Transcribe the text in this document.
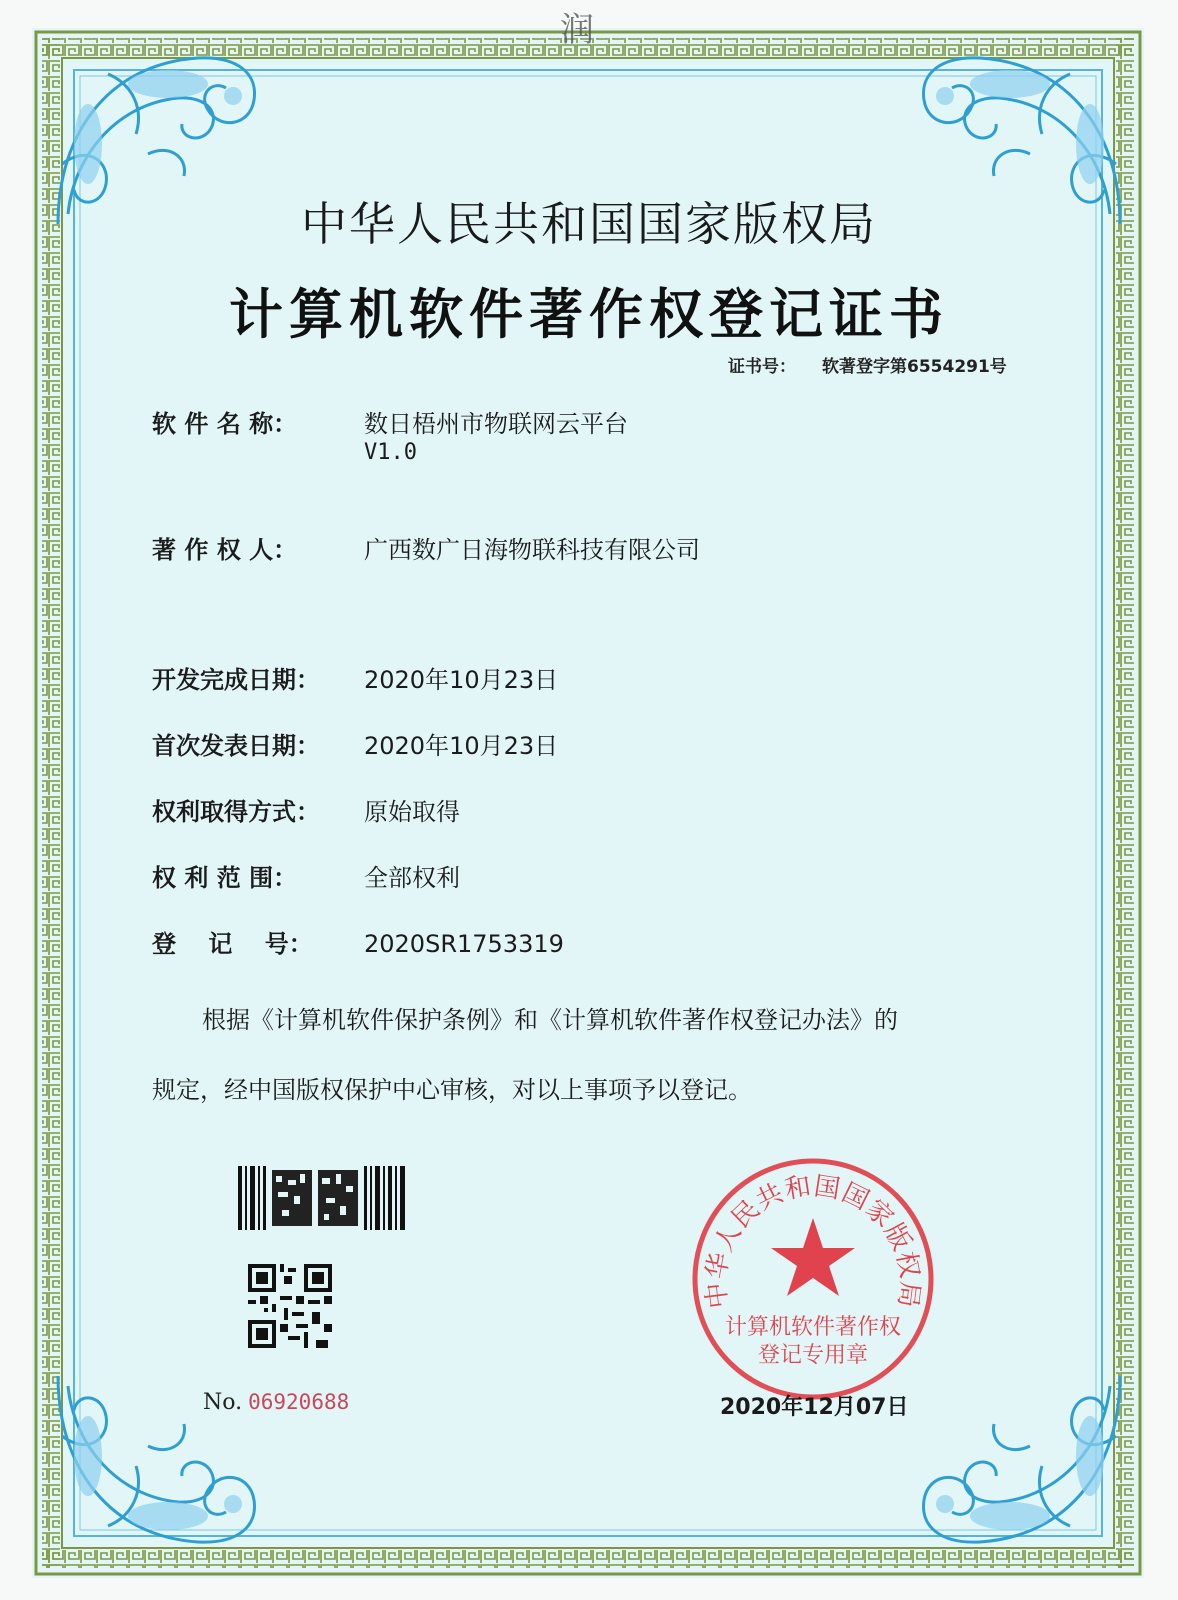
润
中华人民共和国国家版权局
计算机软件著作权登记证书
证书号： 软著登字第6554291号
软 件 名 称：	数日梧州市物联网云平台
V1.0
著 作 权 人：	广西数广日海物联科技有限公司
开发完成日期： 2020年10月23日
首次发表日期： 2020年10月23日
权利取得方式： 原始取得
权 利 范 围：	全部权利
登　 记　 号： 2020SR1753319
根据《计算机软件保护条例》和《计算机软件著作权登记办法》的
规定，经中国版权保护中心审核，对以上事项予以登记。
No. 06920688
中华人民共和国国家版权局
计算机软件著作权
登记专用章
2020年12月07日
